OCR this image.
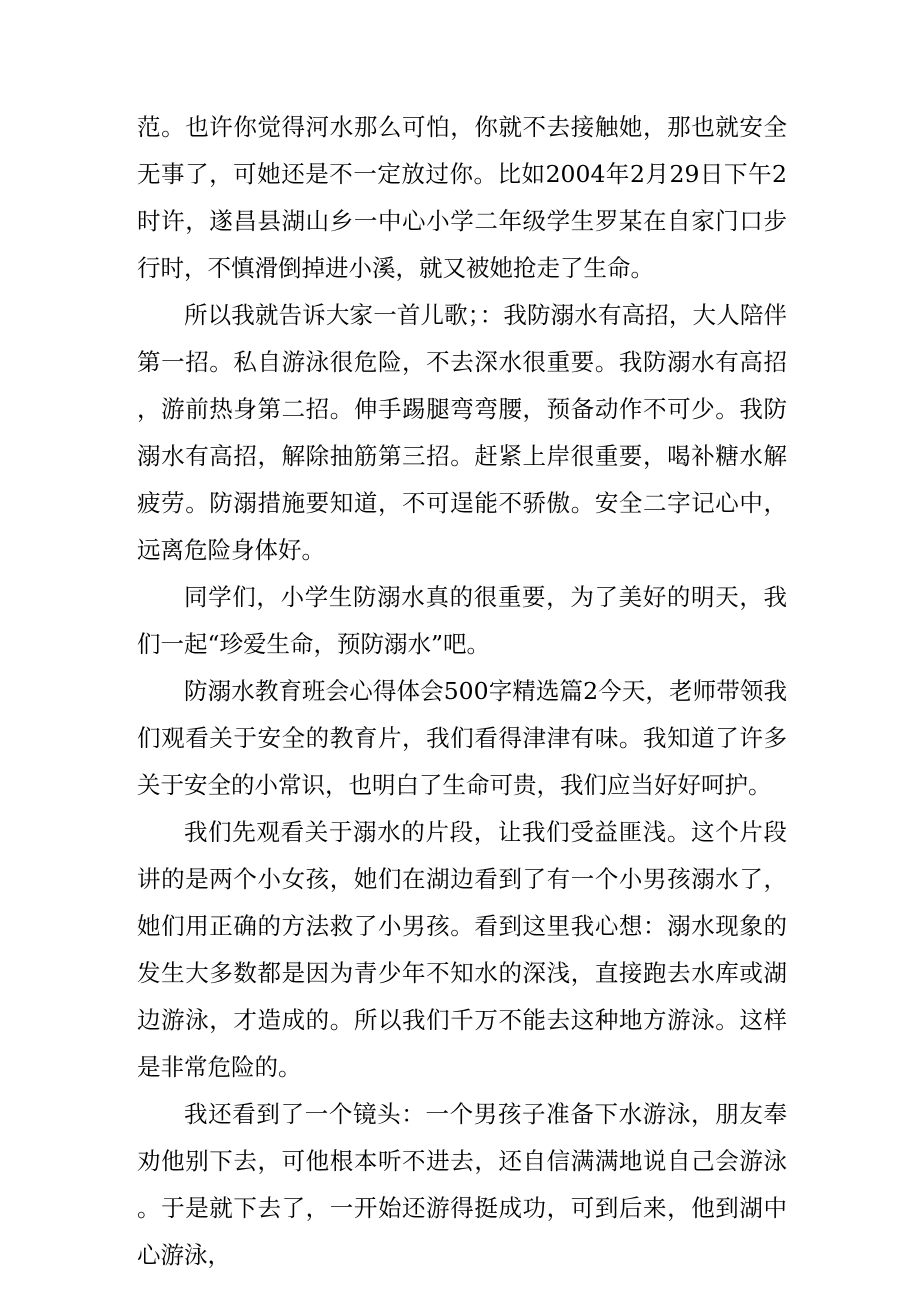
范。也许你觉得河水那么可怕，你就不去接触她，那也就安全无事了，可她还是不一定放过你。比如2004年2月29日下午2时许，遂昌县湖山乡一中心小学二年级学生罗某在自家门口步行时，不慎滑倒掉进小溪，就又被她抢走了生命。

所以我就告诉大家一首儿歌；：我防溺水有高招，大人陪伴第一招。私自游泳很危险，不去深水很重要。我防溺水有高招，游前热身第二招。伸手踢腿弯弯腰，预备动作不可少。我防溺水有高招，解除抽筋第三招。赶紧上岸很重要，喝补糖水解疲劳。防溺措施要知道，不可逞能不骄傲。安全二字记心中，远离危险身体好。

同学们，小学生防溺水真的很重要，为了美好的明天，我们一起“珍爱生命，预防溺水”吧。

防溺水教育班会心得体会500字精选篇2今天，老师带领我们观看关于安全的教育片，我们看得津津有味。我知道了许多关于安全的小常识，也明白了生命可贵，我们应当好好呵护。

我们先观看关于溺水的片段，让我们受益匪浅。这个片段讲的是两个小女孩，她们在湖边看到了有一个小男孩溺水了，她们用正确的方法救了小男孩。看到这里我心想：溺水现象的发生大多数都是因为青少年不知水的深浅，直接跑去水库或湖边游泳，才造成的。所以我们千万不能去这种地方游泳。这样是非常危险的。

我还看到了一个镜头：一个男孩子准备下水游泳，朋友奉劝他别下去，可他根本听不进去，还自信满满地说自己会游泳。于是就下去了，一开始还游得挺成功，可到后来，他到湖中心游泳，
